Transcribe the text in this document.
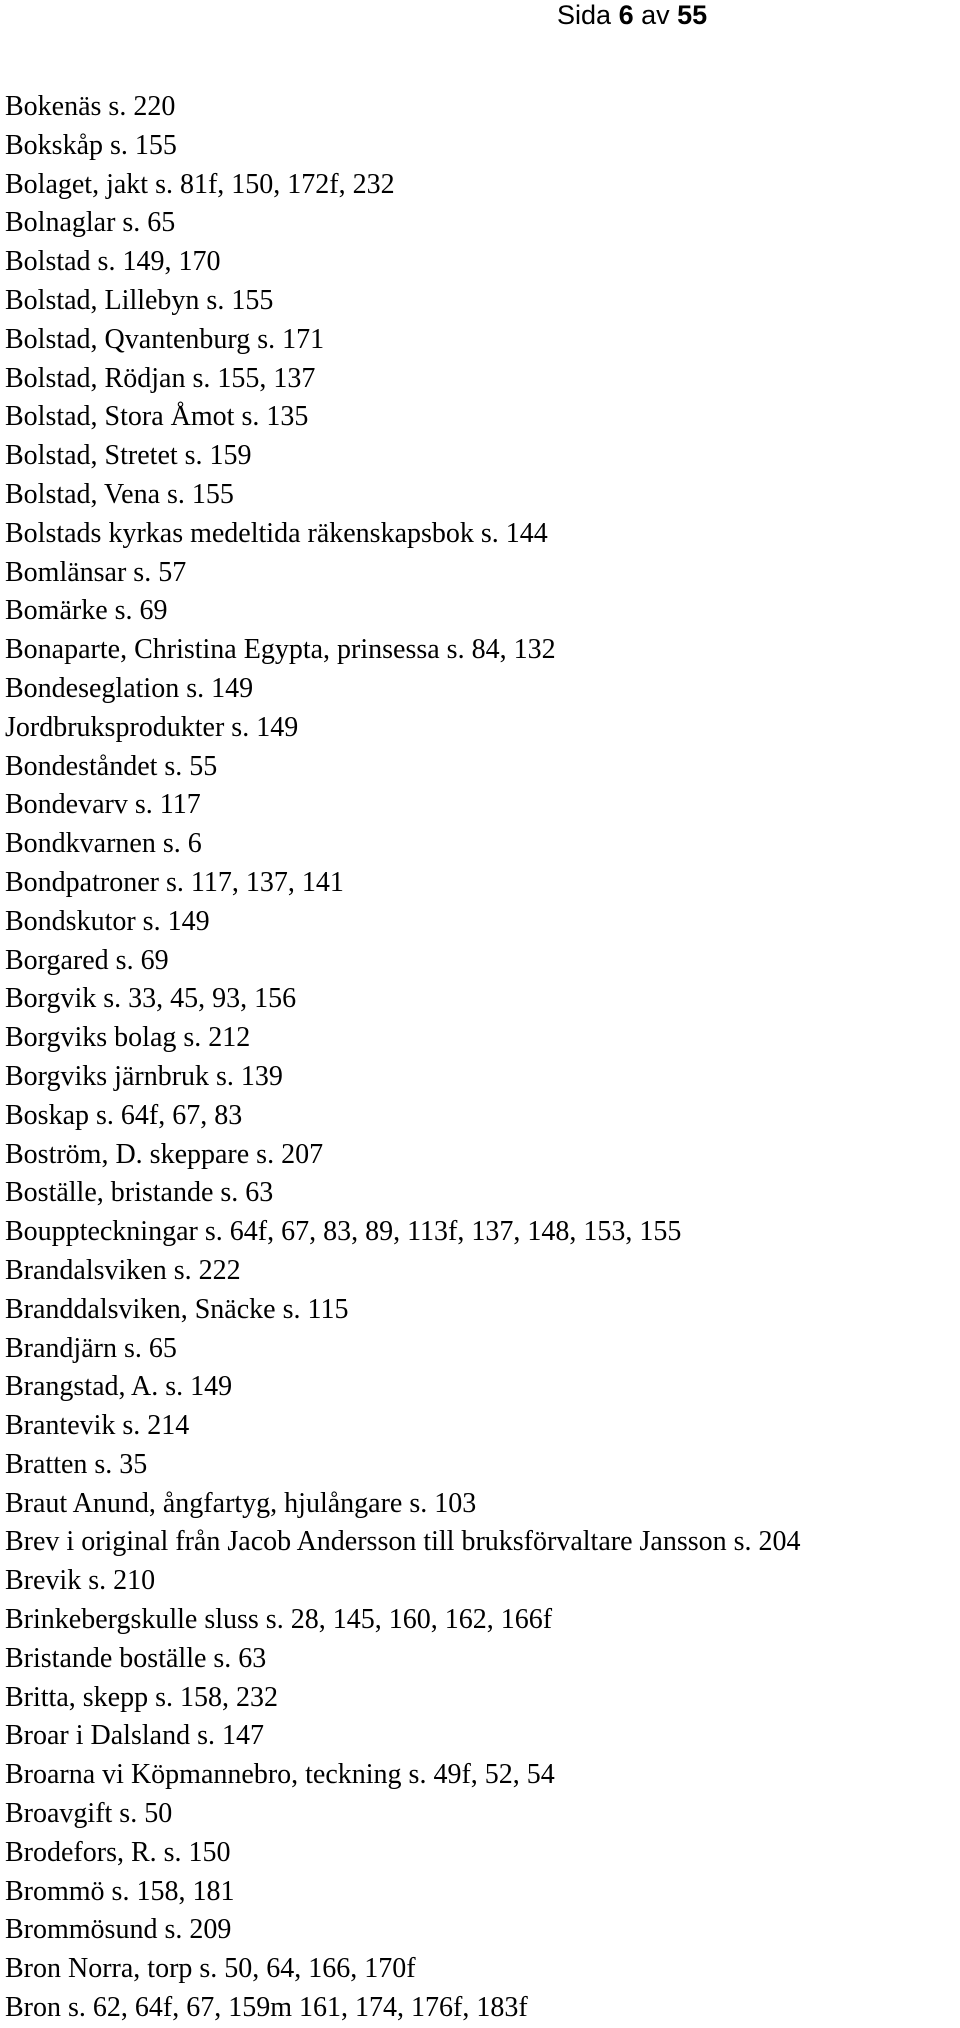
Sida 6 av 55
Bokenäs s. 220
Bokskåp s. 155
Bolaget, jakt s. 81f, 150, 172f, 232
Bolnaglar s. 65
Bolstad s. 149, 170
Bolstad, Lillebyn s. 155
Bolstad, Qvantenburg s. 171
Bolstad, Rödjan s. 155, 137
Bolstad, Stora Åmot s. 135
Bolstad, Stretet s. 159
Bolstad, Vena s. 155
Bolstads kyrkas medeltida räkenskapsbok s. 144
Bomlänsar s. 57
Bomärke s. 69
Bonaparte, Christina Egypta, prinsessa s. 84, 132
Bondeseglation s. 149
Jordbruksprodukter s. 149
Bondeståndet s. 55
Bondevarv s. 117
Bondkvarnen s. 6
Bondpatroner s. 117, 137, 141
Bondskutor s. 149
Borgared s. 69
Borgvik s. 33, 45, 93, 156
Borgviks bolag s. 212
Borgviks järnbruk s. 139
Boskap s. 64f, 67, 83
Boström, D. skeppare s. 207
Boställe, bristande s. 63
Bouppteckningar s. 64f, 67, 83, 89, 113f, 137, 148, 153, 155
Brandalsviken s. 222
Branddalsviken, Snäcke s. 115
Brandjärn s. 65
Brangstad, A. s. 149
Brantevik s. 214
Bratten s. 35
Braut Anund, ångfartyg, hjulångare s. 103
Brev i original från Jacob Andersson till bruksförvaltare Jansson s. 204
Brevik s. 210
Brinkebergskulle sluss s. 28, 145, 160, 162, 166f
Bristande boställe s. 63
Britta, skepp s. 158, 232
Broar i Dalsland s. 147
Broarna vi Köpmannebro, teckning s. 49f, 52, 54
Broavgift s. 50
Brodefors, R. s. 150
Brommö s. 158, 181
Brommösund s. 209
Bron Norra, torp s. 50, 64, 166, 170f
Bron s. 62, 64f, 67, 159m 161, 174, 176f, 183f
